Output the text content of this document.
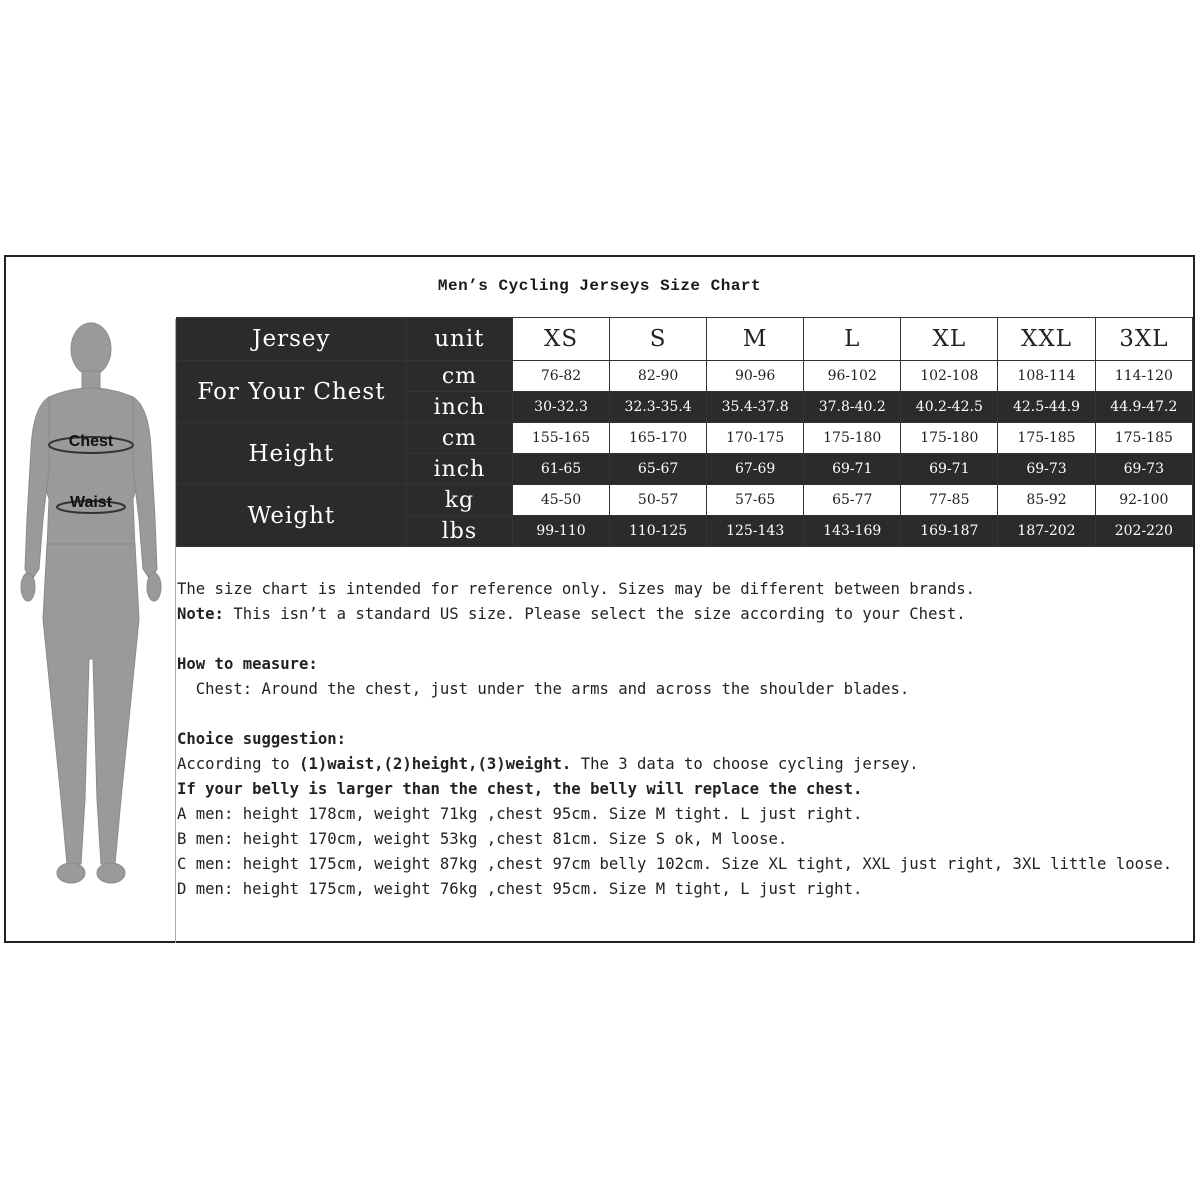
Men’s Cycling Jerseys Size Chart
Chest
Waist
Jersey	unit	XS	S	M	L	XL	XXL	3XL
For Your Chest	cm	76-82	82-90	90-96	96-102	102-108	108-114	114-120
	inch	30-32.3	32.3-35.4	35.4-37.8	37.8-40.2	40.2-42.5	42.5-44.9	44.9-47.2
Height	cm	155-165	165-170	170-175	175-180	175-180	175-185	175-185
	inch	61-65	65-67	67-69	69-71	69-71	69-73	69-73
Weight	kg	45-50	50-57	57-65	65-77	77-85	85-92	92-100
	lbs	99-110	110-125	125-143	143-169	169-187	187-202	202-220

The size chart is intended for reference only. Sizes may be different between brands.

Note: This isn’t a standard US size. Please select the size according to your Chest.

How to measure:

Chest: Around the chest, just under the arms and across the shoulder blades.

Choice suggestion:

According to (1)waist,(2)height,(3)weight. The 3 data to choose cycling jersey.

If your belly is larger than the chest, the belly will replace the chest.

A men: height 178cm, weight 71kg ,chest 95cm. Size M tight. L just right.

B men: height 170cm, weight 53kg ,chest 81cm. Size S ok, M loose.

C men: height 175cm, weight 87kg ,chest 97cm belly 102cm. Size XL tight, XXL just right, 3XL little loose.

D men: height 175cm, weight 76kg ,chest 95cm. Size M tight, L just right.
